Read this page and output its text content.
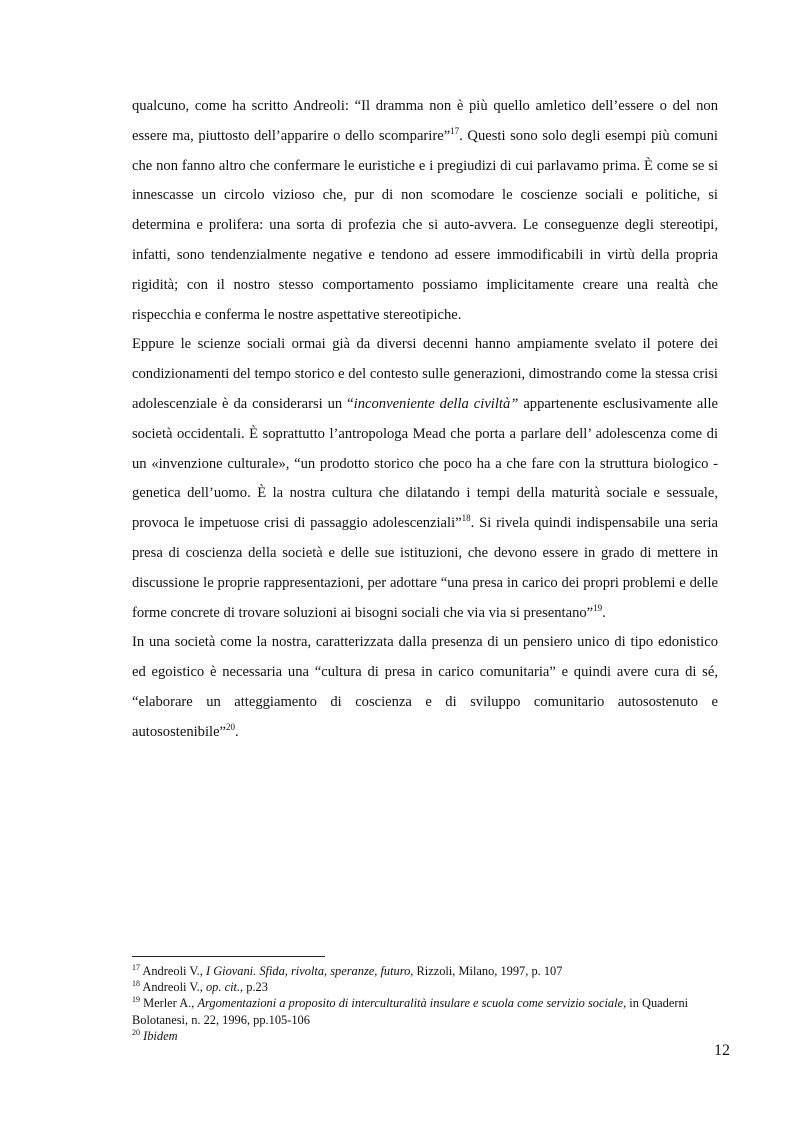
qualcuno, come ha scritto Andreoli: “Il dramma non è più quello amletico dell’essere o del non essere ma, piuttosto dell’apparire o dello scomparire”$^{17}$. Questi sono solo degli esempi più comuni che non fanno altro che confermare le euristiche e i pregiudizi di cui parlavamo prima. È come se si innescasse un circolo vizioso che, pur di non scomodare le coscienze sociali e politiche, si determina e prolifera: una sorta di profezia che si auto-avvera. Le conseguenze degli stereotipi, infatti, sono tendenzialmente negative e tendono ad essere immodificabili in virtù della propria rigidità; con il nostro stesso comportamento possiamo implicitamente creare una realtà che rispecchia e conferma le nostre aspettative stereotipiche.

Eppure le scienze sociali ormai già da diversi decenni hanno ampiamente svelato il potere dei condizionamenti del tempo storico e del contesto sulle generazioni, dimostrando come la stessa crisi adolescenziale è da considerarsi un “inconveniente della civiltà” appartenente esclusivamente alle società occidentali. È soprattutto l’antropologa Mead che porta a parlare dell’ adolescenza come di un «invenzione culturale», “un prodotto storico che poco ha a che fare con la struttura biologico - genetica dell’uomo. È la nostra cultura che dilatando i tempi della maturità sociale e sessuale, provoca le impetuose crisi di passaggio adolescenziali”$^{18}$. Si rivela quindi indispensabile una seria presa di coscienza della società e delle sue istituzioni, che devono essere in grado di mettere in discussione le proprie rappresentazioni, per adottare “una presa in carico dei propri problemi e delle forme concrete di trovare soluzioni ai bisogni sociali che via via si presentano”$^{19}$.

In una società come la nostra, caratterizzata dalla presenza di un pensiero unico di tipo edonistico ed egoistico è necessaria una “cultura di presa in carico comunitaria” e quindi avere cura di sé, “elaborare un atteggiamento di coscienza e di sviluppo comunitario autosostenuto e autosostenibile”$^{20}$.

$^{17}$ Andreoli V., I Giovani. Sfida, rivolta, speranze, futuro, Rizzoli, Milano, 1997, p. 107

$^{18}$ Andreoli V., op. cit., p.23

$^{19}$ Merler A., Argomentazioni a proposito di interculturalità insulare e scuola come servizio sociale, in Quaderni Bolotanesi, n. 22, 1996, pp.105-106

$^{20}$ Ibidem

12
